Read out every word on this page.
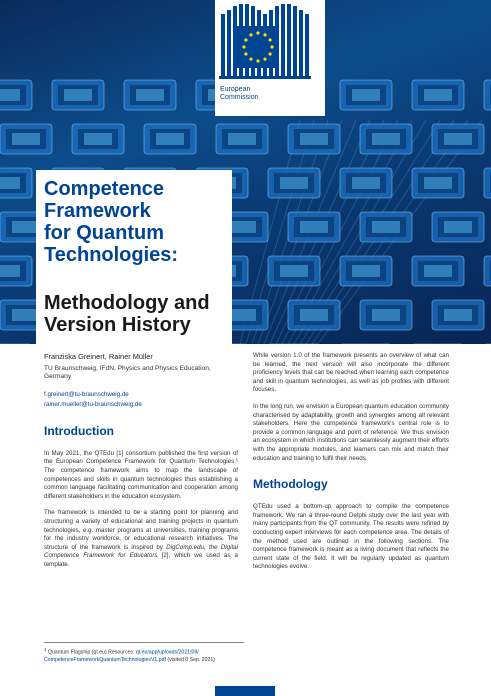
European
Commission
Competence
Framework
for Quantum
Technologies:
Methodology and
Version History
Franziska Greinert, Rainer Müller
TU Braunschweig, IFdN, Physics and Physics Education, Germany
f.greinert@tu-braunschweig.de
rainer.mueller@tu-braunschweig.de
Introduction

In May 2021, the QTEdu [1] consortium published the first version of the European Competence Framework for Quantum Technologies.¹ The competence framework aims to map the landscape of competences and skills in quantum technologies thus establishing a common language facilitating communication and cooperation among different stakeholders in the education ecosystem.

The framework is intended to be a starting point for planning and structuring a variety of educational and training projects in quantum technologies, e.g. master programs at universities, training programs for the industry workforce, or educational research initiatives. The structure of the framework is inspired by DigComp.edu, the Digital Competence Framework for Educators [2], which we used as a template.

While version 1.0 of the framework presents an overview of what can be learned, the next version will also incorporate the different proficiency levels that can be reached when learning each competence and skill in quantum technologies, as well as job profiles with different focuses.

In the long run, we envision a European quantum education community characterised by adaptability, growth and synergies among all relevant stakeholders. Here the competence framework's central role is to provide a common language and point of reference. We thus envision an ecosystem in which institutions can seamlessly augment their efforts with the appropriate modules, and learners can mix and match their education and training to fulfil their needs.

Methodology

QTEdu used a bottom-up approach to compile the competence framework. We ran a three-round Delphi study over the last year with many participants from the QT community. The results were refined by conducting expert interviews for each competence area. The details of the method used are outlined in the following sections. The competence framework is meant as a living document that reflects the current state of the field. It will be regularly updated as quantum technologies evolve.

$^1$ Quantum Flagship (qt.eu) Resources: qt.eu/app/uploads/2021/09/
CompetenceFrameworkQuantumTechnologiesV1.pdf (visited 8 Sep. 2021)
